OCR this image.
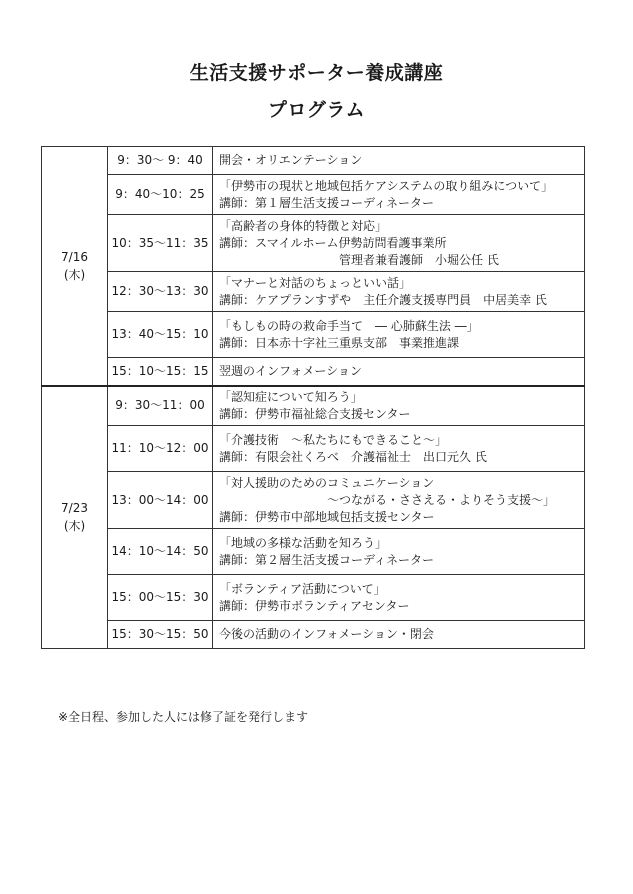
生活支援サポーター養成講座
プログラム
7/16
(木)	9：30～ 9：40	開会・オリエンテーション

	9：40～10：25	「伊勢市の現状と地域包括ケアシステムの取り組みについて」
講師：第１層生活支援コーディネーター

	10：35～11：35	「高齢者の身体的特徴と対応」
講師：スマイルホーム伊勢訪問看護事業所
　　　　　　　　　　管理者兼看護師　小堀公任 氏

	12：30～13：30	「マナーと対話のちょっといい話」
講師：ケアプランすずや　主任介護支援専門員　中居美幸 氏

	13：40～15：10	「もしもの時の救命手当て　― 心肺蘇生法 ―」
講師：日本赤十字社三重県支部　事業推進課

	15：10～15：15	翌週のインフォメーション

7/23
(木)	9：30～11：00	「認知症について知ろう」
講師：伊勢市福祉総合支援センター

	11：10～12：00	「介護技術　～私たちにもできること～」
講師：有限会社くろべ　介護福祉士　出口元久 氏

	13：00～14：00	「対人援助のためのコミュニケーション
　　　　　　　　　～つながる・ささえる・よりそう支援～」
講師：伊勢市中部地域包括支援センター

	14：10～14：50	「地域の多様な活動を知ろう」
講師：第２層生活支援コーディネーター

	15：00～15：30	「ボランティア活動について」
講師：伊勢市ボランティアセンター

	15：30～15：50	今後の活動のインフォメーション・閉会
※全日程、参加した人には修了証を発行します
